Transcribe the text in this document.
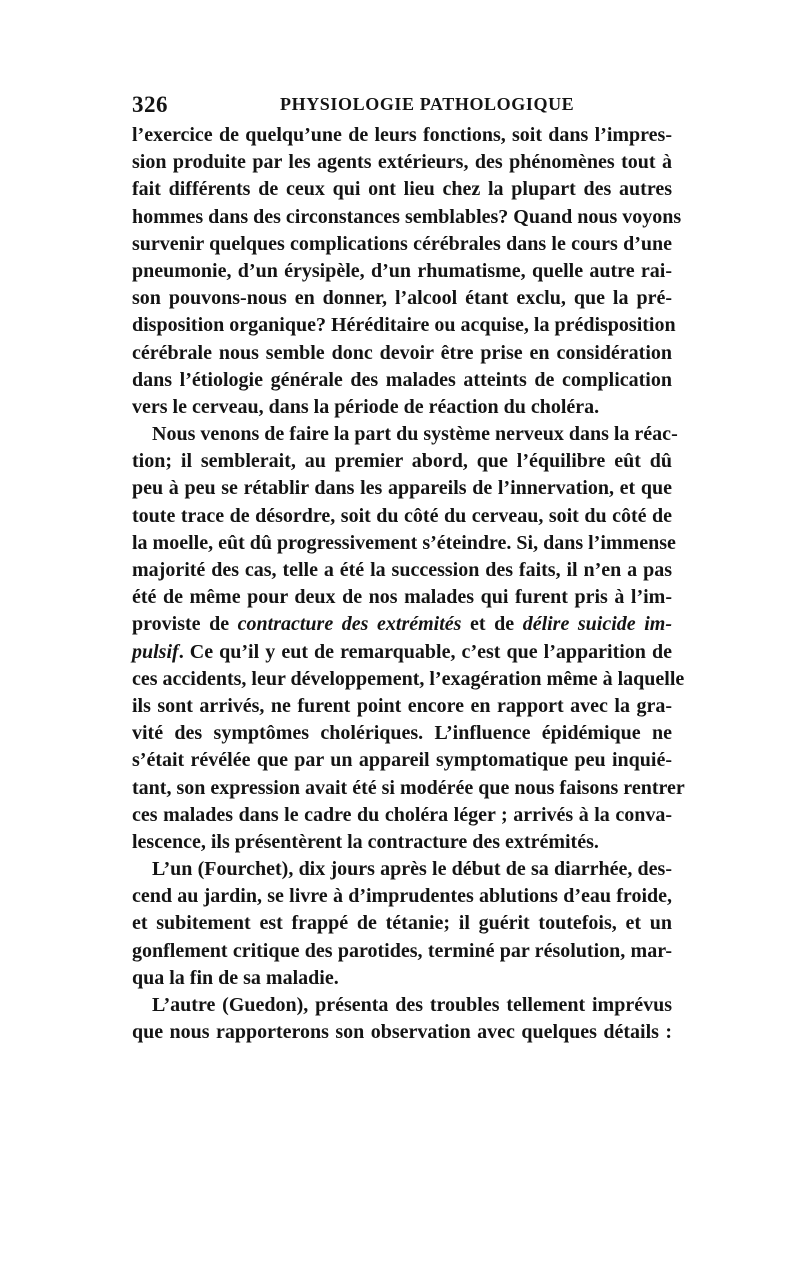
326	PHYSIOLOGIE PATHOLOGIQUE
l’exercice de quelqu’une de leurs fonctions, soit dans l’impres-
sion produite par les agents extérieurs, des phénomènes tout à
fait différents de ceux qui ont lieu chez la plupart des autres
hommes dans des circonstances semblables? Quand nous voyons
survenir quelques complications cérébrales dans le cours d’une
pneumonie, d’un érysipèle, d’un rhumatisme, quelle autre rai-
son pouvons-nous en donner, l’alcool étant exclu, que la pré-
disposition organique? Héréditaire ou acquise, la prédisposition
cérébrale nous semble donc devoir être prise en considération
dans l’étiologie générale des malades atteints de complication
vers le cerveau, dans la période de réaction du choléra.
Nous venons de faire la part du système nerveux dans la réac-
tion; il semblerait, au premier abord, que l’équilibre eût dû
peu à peu se rétablir dans les appareils de l’innervation, et que
toute trace de désordre, soit du côté du cerveau, soit du côté de
la moelle, eût dû progressivement s’éteindre. Si, dans l’immense
majorité des cas, telle a été la succession des faits, il n’en a pas
été de même pour deux de nos malades qui furent pris à l’im-
proviste de contracture des extrémités et de délire suicide im-
pulsif. Ce qu’il y eut de remarquable, c’est que l’apparition de
ces accidents, leur développement, l’exagération même à laquelle
ils sont arrivés, ne furent point encore en rapport avec la gra-
vité des symptômes cholériques. L’influence épidémique ne
s’était révélée que par un appareil symptomatique peu inquié-
tant, son expression avait été si modérée que nous faisons rentrer
ces malades dans le cadre du choléra léger ; arrivés à la conva-
lescence, ils présentèrent la contracture des extrémités.
L’un (Fourchet), dix jours après le début de sa diarrhée, des-
cend au jardin, se livre à d’imprudentes ablutions d’eau froide,
et subitement est frappé de tétanie; il guérit toutefois, et un
gonflement critique des parotides, terminé par résolution, mar-
qua la fin de sa maladie.
L’autre (Guedon), présenta des troubles tellement imprévus
que nous rapporterons son observation avec quelques détails :
